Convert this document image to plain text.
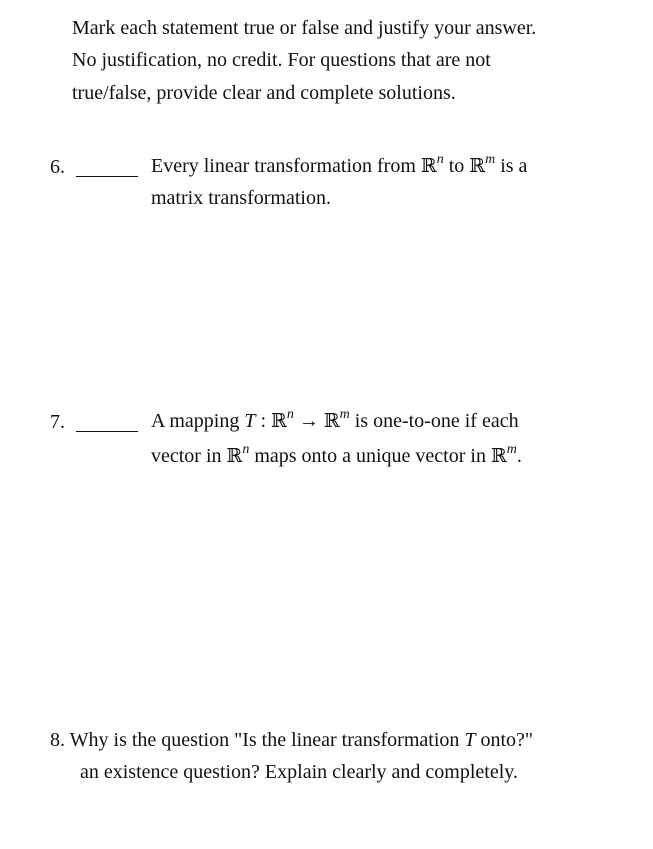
Mark each statement true or false and justify your answer.
No justification, no credit. For questions that are not
true/false, provide clear and complete solutions.
6.	Every linear transformation from ℝ$^n$ to ℝ$^m$ is a
matrix transformation.
7.	A mapping T : ℝ$^n$ → ℝ$^m$ is one-to-one if each
vector in ℝ$^n$ maps onto a unique vector in ℝ$^m$.
8. Why is the question "Is the linear transformation T onto?"
an existence question? Explain clearly and completely.
